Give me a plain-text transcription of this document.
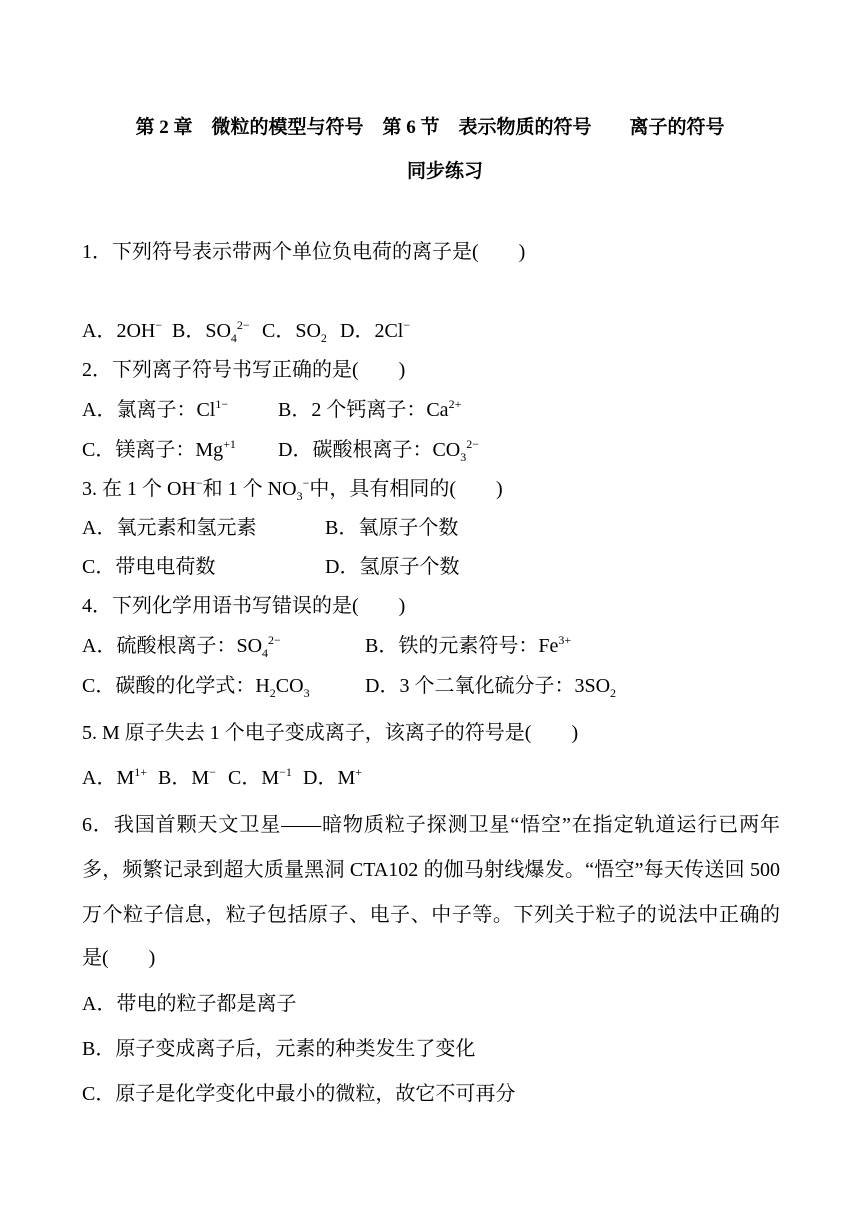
第 2 章　微粒的模型与符号　第 6 节　表示物质的符号　　离子的符号
同步练习
1．下列符号表示带两个单位负电荷的离子是(　　)
A．2OH− B．$SO_4^{2-}$ C．$SO_2$ D．2Cl−
2．下列离子符号书写正确的是(　　)
A．氯离子：$Cl^{1-}$ B．2 个钙离子：$Ca^{2+}$
C．镁离子：$Mg^{+1}$ D．碳酸根离子：$CO_3^{2-}$
3. 在 1 个 OH−和 1 个 $NO_3^-$中，具有相同的(　　)
A．氧元素和氢元素	B．氧原子个数
C．带电电荷数	D．氢原子个数
4．下列化学用语书写错误的是(　　)
A．硫酸根离子：$SO_4^{2-}$	B．铁的元素符号：$Fe^{3+}$
C．碳酸的化学式：$H_2CO_3$	D．3 个二氧化硫分子：$3SO_2$
5. M 原子失去 1 个电子变成离子，该离子的符号是(　　)
A．$M^{1+}$ B．M− C．$M^{-1}$ D．M+
6．我国首颗天文卫星——暗物质粒子探测卫星“悟空”在指定轨道运行已两年
多，频繁记录到超大质量黑洞 CTA102 的伽马射线爆发。“悟空”每天传送回 500
万个粒子信息，粒子包括原子、电子、中子等。下列关于粒子的说法中正确的
是(　　)
A．带电的粒子都是离子
B．原子变成离子后，元素的种类发生了变化
C．原子是化学变化中最小的微粒，故它不可再分
